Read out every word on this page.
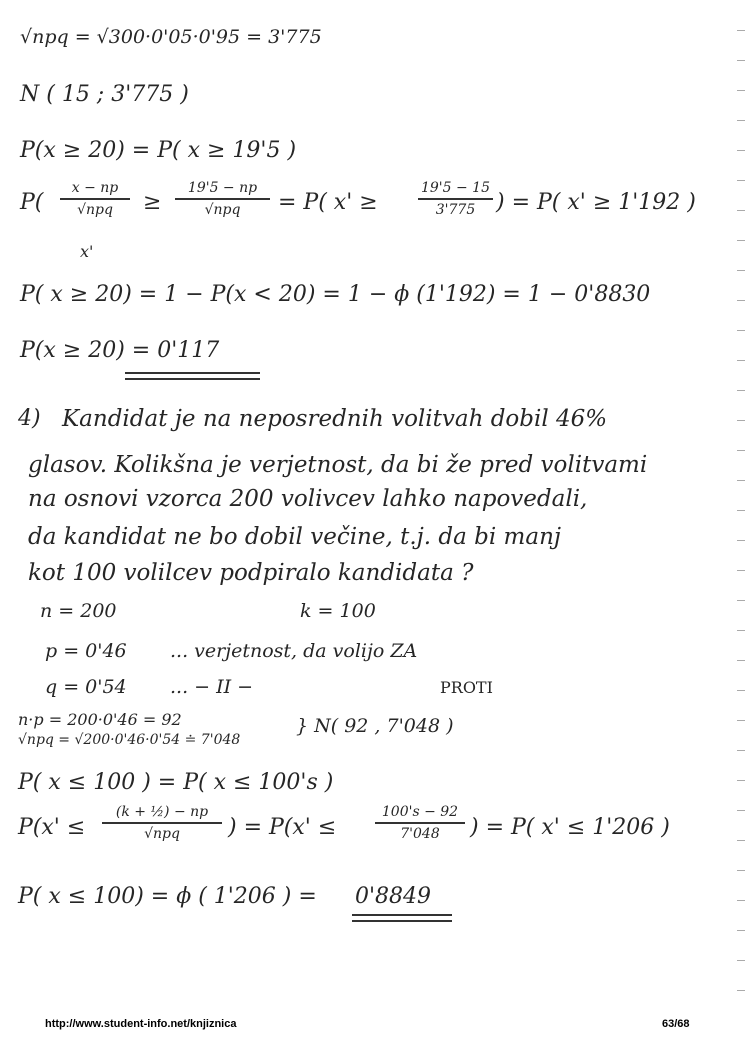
√npq = √300·0'05·0'95 = 3'775
N ( 15 ; 3'775 )
P(x ≥ 20) = P( x ≥ 19'5 )
P(
x − np
√npq
x'
≥
19'5 − np
√npq = P( x' ≥
19'5 − 15
3'775 ) = P( x' ≥ 1'192 )
P( x ≥ 20) = 1 − P(x < 20) = 1 − ϕ (1'192) = 1 − 0'8830
P(x ≥ 20) = 0'117
4) Kandidat je na neposrednih volitvah dobil 46%
glasov. Kolikšna je verjetnost, da bi že pred volitvami
na osnovi vzorca 200 volivcev lahko napovedali,
da kandidat ne bo dobil večine, t.j. da bi manj
kot 100 volilcev podpiralo kandidata ?
n = 200	k = 100
p = 0'46 ... verjetnost, da volijo ZA
q = 0'54 ... − II −	PROTI
n·p = 200·0'46 = 92
√npq = √200·0'46·0'54 ≐ 7'048
} N( 92 , 7'048 )
P( x ≤ 100 ) = P( x ≤ 100's )
P(x' ≤
(k + ½) − np
√npq ) = P(x' ≤
100's − 92
7'048 ) = P( x' ≤ 1'206 )
P( x ≤ 100) = ϕ ( 1'206 ) = 0'8849
http://www.student-info.net/knjiznica	63/68
